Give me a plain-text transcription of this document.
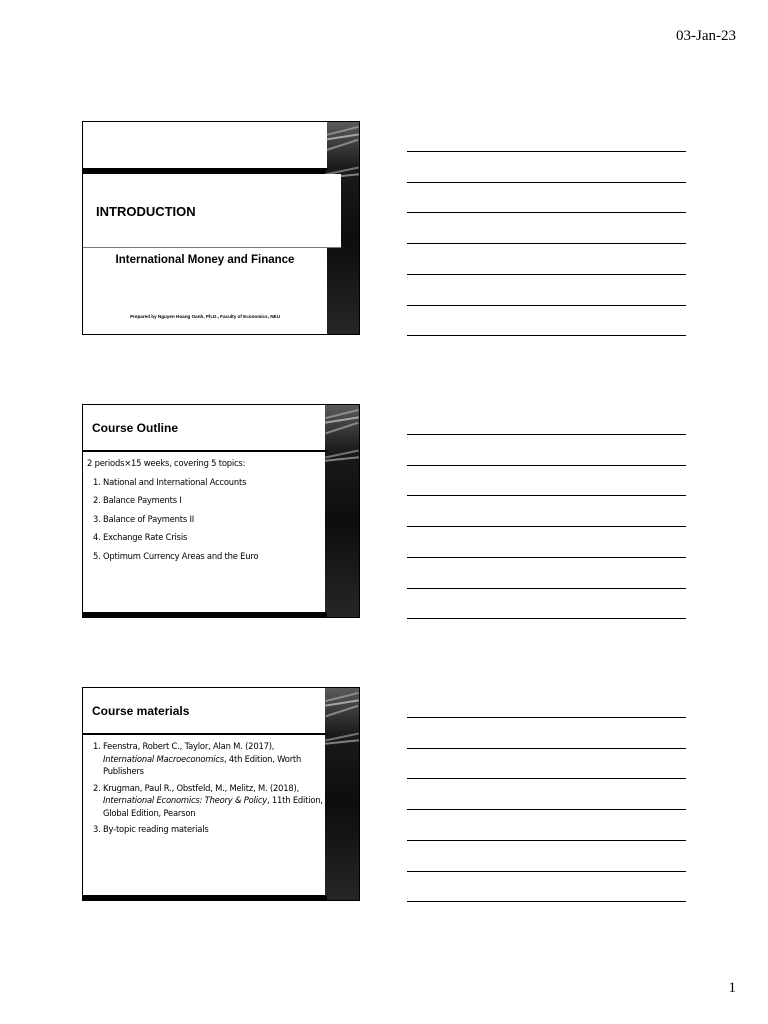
03-Jan-23
INTRODUCTION
International Money and Finance
Prepared by Nguyen Hoang Oanh, Ph.D., Faculty of Economics, NEU
Course Outline

2 periods×15 weeks, covering 5 topics:

1. National and International Accounts
2. Balance Payments I
3. Balance of Payments II
4. Exchange Rate Crisis
5. Optimum Currency Areas and the Euro
Course materials
1. Feenstra, Robert C., Taylor, Alan M. (2017), International Macroeconomics, 4th Edition, Worth Publishers
2. Krugman, Paul R., Obstfeld, M., Melitz, M. (2018), International Economics: Theory & Policy, 11th Edition, Global Edition, Pearson
3. By-topic reading materials
1
